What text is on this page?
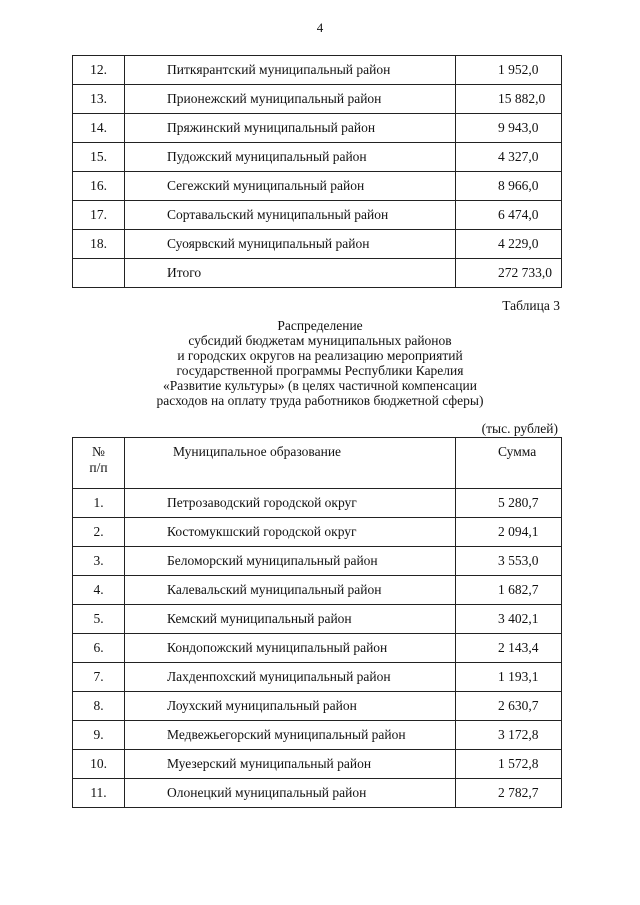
4
12.	Питкярантский муниципальный район	1 952,0
13.	Прионежский муниципальный район	15 882,0
14.	Пряжинский муниципальный район	9 943,0
15.	Пудожский муниципальный район	4 327,0
16.	Сегежский муниципальный район	8 966,0
17.	Сортавальский муниципальный район	6 474,0
18.	Суоярвский муниципальный район	4 229,0
	Итого	272 733,0
Таблица 3
Распределение
субсидий бюджетам муниципальных районов
и городских округов на реализацию мероприятий
государственной программы Республики Карелия
«Развитие культуры» (в целях частичной компенсации
расходов на оплату труда работников бюджетной сферы)
(тыс. рублей)
№
п/п	Муниципальное образование	Сумма
1.	Петрозаводский городской округ	5 280,7
2.	Костомукшский городской округ	2 094,1
3.	Беломорский муниципальный район	3 553,0
4.	Калевальский муниципальный район	1 682,7
5.	Кемский муниципальный район	3 402,1
6.	Кондопожский муниципальный район	2 143,4
7.	Лахденпохский муниципальный район	1 193,1
8.	Лоухский муниципальный район	2 630,7
9.	Медвежьегорский муниципальный район	3 172,8
10.	Муезерский муниципальный район	1 572,8
11.	Олонецкий муниципальный район	2 782,7
